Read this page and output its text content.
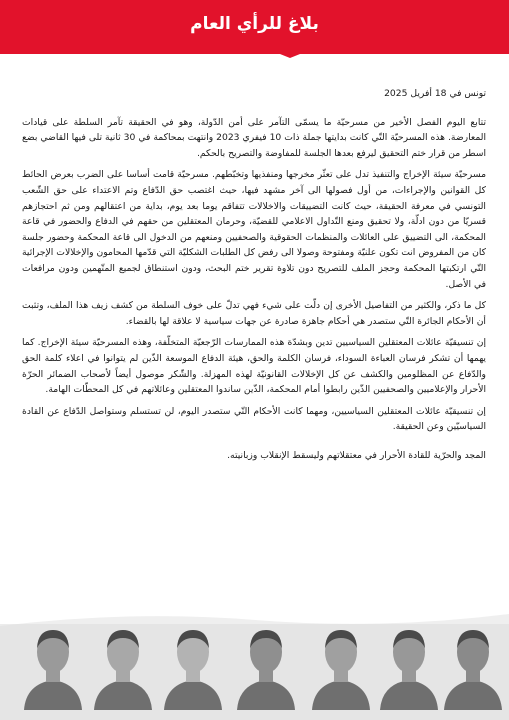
بلاغ للرأي العام
تونس في 18 أفريل 2025
تتابع اليوم الفصل الأخير من مسرحيّة ما يسمّى التآمر على أمن الدّولة، وهو في الحقيقة تآمر السلطة على قيادات المعارضة. هذه المسرحيّة التّي كانت بدايتها جملة ذات 10 فيفري 2023 وانتهت بمحاكمة في 30 ثانية تلى فيها القاضي بضع اسطر من قرار ختم التحقيق ليرفع بعدها الجلسة للمفاوضة والتصريح بالحكم.
مسرحيّة سيئة الإخراج والتنفيذ تدل على تعثّر مخرجها ومنفذيها وتخبّطهم. مسرحيّة قامت أساسا على الضرب بعرض الحائط كل القوانين والإجراءات، من أول فصولها الى آخر مشهد فيها، حيث اغتصب حق الدّفاع وتم الاعتداء على حق الشّعب التونسي في معرفة الحقيقة، حيث كانت التضييقات والاخلالات تتفاقم يوما بعد يوم، بداية من اعتقالهم ومن ثم احتجازهم قسريّا من دون ادلّة، ولا تحقيق ومنع التّداول الاعلامي للقضيّة، وحرمان المعتقلين من حقهم في الدفاع والحضور في قاعة المحكمة، الى التضييق على العائلات والمنظمات الحقوقية والصحفيين ومنعهم من الدخول الى قاعة المحكمة وحضور جلسة كان من المفروض انت تكون علنيّة ومفتوحة وصولا الى رفض كل الطلبات الشكليّة التي قدّمها المحامون والإخلالات الإجرائية التّي ارتكبتها المحكمة وحجز الملف للتصريح دون تلاوة تقرير ختم البحث، ودون استنطاق لجميع المتّهمين ودون مرافعات في الأصل.
كل ما ذكر، والكثير من التفاصيل الأخرى إن دلّت على شيء فهي تدلّ على خوف السلطة من كشف زيف هذا الملف، وتثبت أن الأحكام الجائرة التّي ستصدر هي أحكام جاهزة صادرة عن جهات سياسية لا علاقة لها بالقضاء.
إن تنسيقيّة عائلات المعتقلين السياسيين تدين وبشدّة هذه الممارسات الرّجعيّة المتخلّفة، وهذه المسرحيّة سيئة الإخراج. كما يهمها أن تشكر فرسان العباءة السوداء، فرسان الكلمة والحق، هيئة الدفاع الموسعة الذّين لم يتوانوا في اعلاء كلمة الحق والدّفاع عن المظلومين والكشف عن كل الإخلالات القانونيّة لهذه المهزلة. والشّكر موصول أيضاً لأصحاب الضمائر الحرّة الأحرار والإعلاميين والصحفيين الذّين رابطوا أمام المحكمة، الذّين ساندوا المعتقلين وعائلاتهم في كل المحطّات الهامة.
إن تنسيقيّة عائلات المعتقلين السياسيين، ومهما كانت الأحكام التّي ستصدر اليوم، لن تستسلم وستواصل الدّفاع عن القادة السياسيّين وعن الحقيقة.
المجد والحرّية للقادة الأحرار في معتقلاتهم وليسقط الإنقلاب وزبانيته.
